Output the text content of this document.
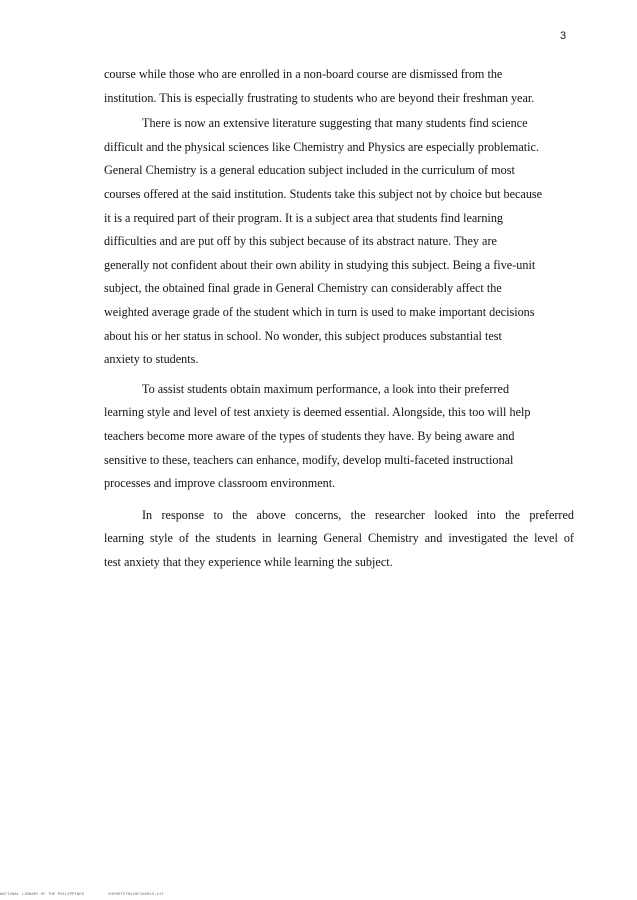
3

course while those who are enrolled in a non-board course are dismissed from the
institution. This is especially frustrating to students who are beyond their freshman year.
There is now an extensive literature suggesting that many students find science
difficult and the physical sciences like Chemistry and Physics are especially problematic.
General Chemistry is a general education subject included in the curriculum of most
courses offered at the said institution. Students take this subject not by choice but because
it is a required part of their program. It is a subject area that students find learning
difficulties and are put off by this subject because of its abstract nature. They are
generally not confident about their own ability in studying this subject. Being a five-unit
subject, the obtained final grade in General Chemistry can considerably affect the
weighted average grade of the student which in turn is used to make important decisions
about his or her status in school. No wonder, this subject produces substantial test
anxiety to students.
To assist students obtain maximum performance, a look into their preferred
learning style and level of test anxiety is deemed essential. Alongside, this too will help
teachers become more aware of the types of students they have. By being aware and
sensitive to these, teachers can enhance, modify, develop multi-faceted instructional
processes and improve classroom environment.
In response to the above concerns, the researcher looked into the preferred
learning style of the students in learning General Chemistry and investigated the level of
test anxiety that they experience while learning the subject.
NATIONAL LIBRARY OF THE PHILIPPINES	B1P00TE7B140F1A0913.tif
